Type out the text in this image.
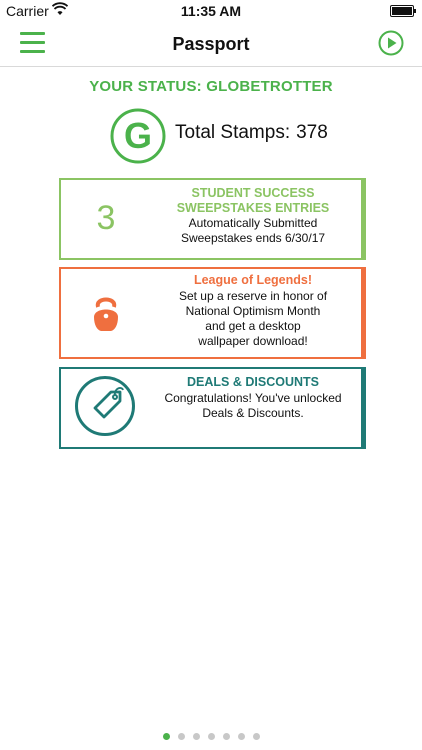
Carrier	11:35 AM
Passport
YOUR STATUS: GLOBETROTTER
G Total Stamps: 378
3
STUDENT SUCCESS
SWEEPSTAKES ENTRIES
Automatically Submitted
Sweepstakes ends 6/30/17
League of Legends!
Set up a reserve in honor of
National Optimism Month
and get a desktop
wallpaper download!
DEALS & DISCOUNTS
Congratulations! You've unlocked
Deals & Discounts.
